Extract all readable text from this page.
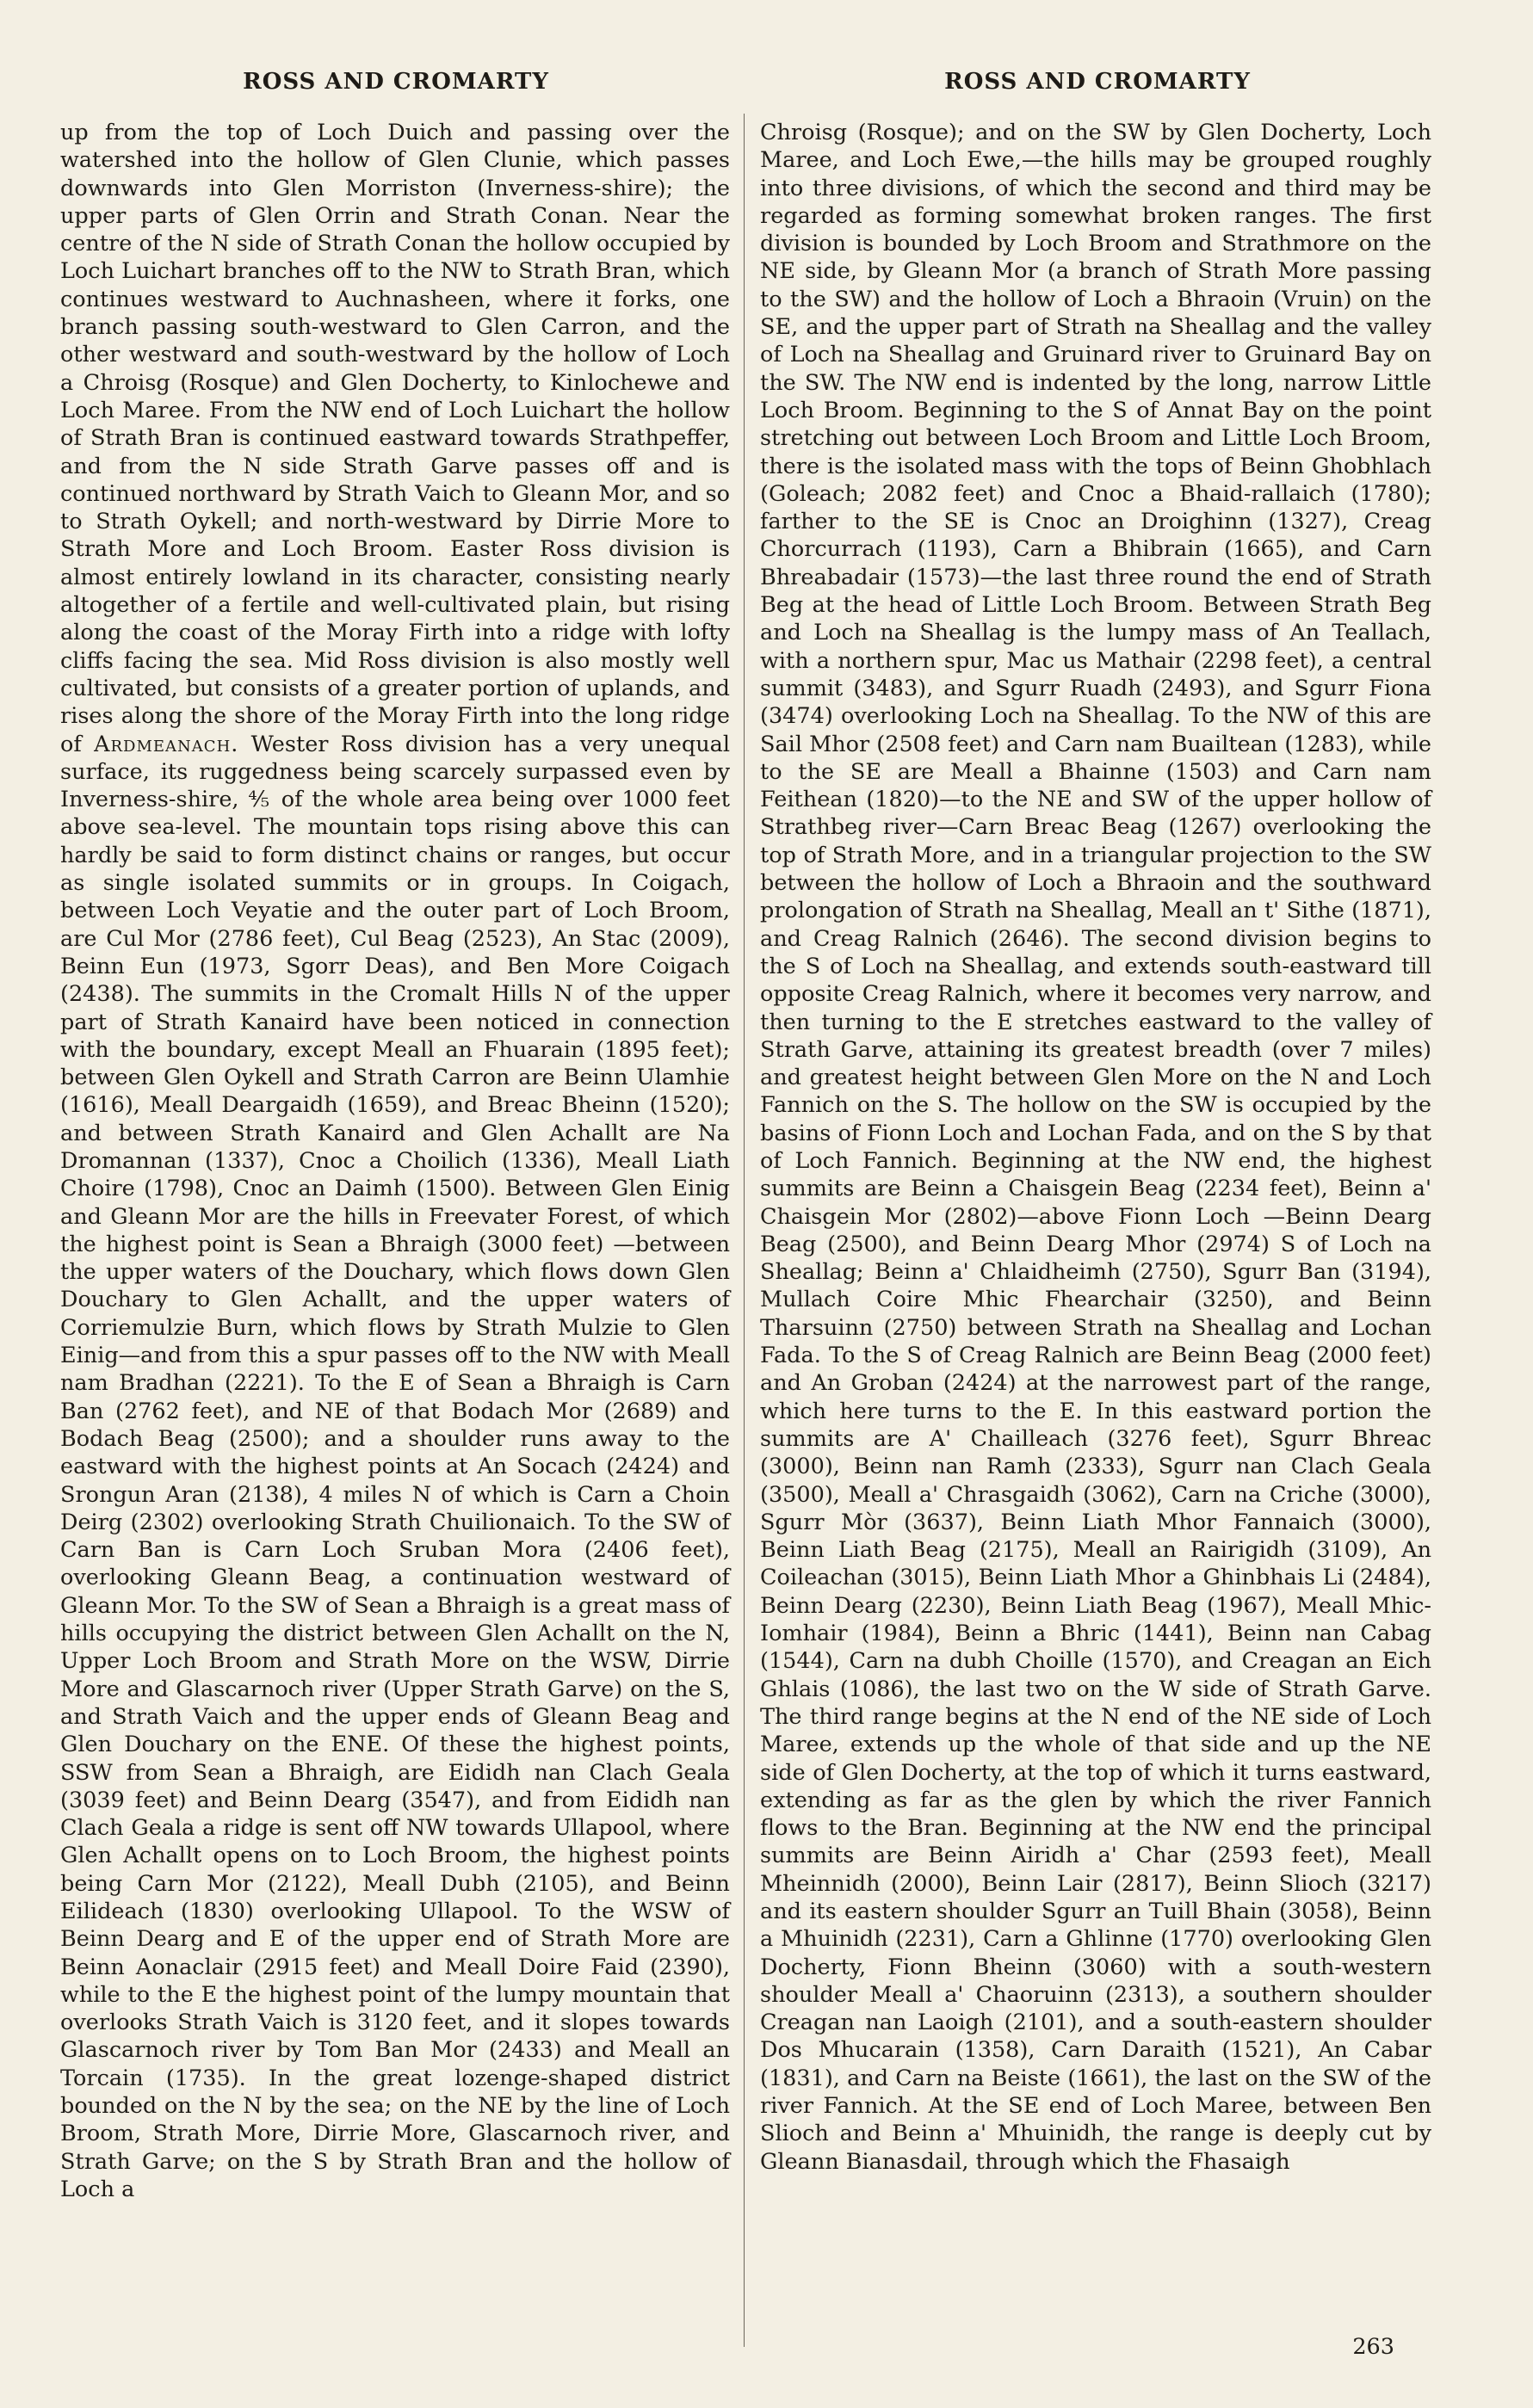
ROSS AND CROMARTY	ROSS AND CROMARTY

up from the top of Loch Duich and passing over the watershed into the hollow of Glen Clunie, which passes downwards into Glen Morriston (Inverness-shire); the upper parts of Glen Orrin and Strath Conan. Near the centre of the N side of Strath Conan the hollow occupied by Loch Luichart branches off to the NW to Strath Bran, which continues westward to Auchnasheen, where it forks, one branch passing south-westward to Glen Carron, and the other westward and south-westward by the hollow of Loch a Chroisg (Rosque) and Glen Docherty, to Kinlochewe and Loch Maree. From the NW end of Loch Luichart the hollow of Strath Bran is continued eastward towards Strathpeffer, and from the N side Strath Garve passes off and is continued northward by Strath Vaich to Gleann Mor, and so to Strath Oykell; and north-westward by Dirrie More to Strath More and Loch Broom. Easter Ross division is almost entirely lowland in its character, consisting nearly altogether of a fertile and well-cultivated plain, but rising along the coast of the Moray Firth into a ridge with lofty cliffs facing the sea. Mid Ross division is also mostly well cultivated, but consists of a greater portion of uplands, and rises along the shore of the Moray Firth into the long ridge of Ardmeanach. Wester Ross division has a very unequal surface, its ruggedness being scarcely surpassed even by Inverness-shire, ⅘ of the whole area being over 1000 feet above sea-level. The mountain tops rising above this can hardly be said to form distinct chains or ranges, but occur as single isolated summits or in groups. In Coigach, between Loch Veyatie and the outer part of Loch Broom, are Cul Mor (2786 feet), Cul Beag (2523), An Stac (2009), Beinn Eun (1973, Sgorr Deas), and Ben More Coigach (2438). The summits in the Cromalt Hills N of the upper part of Strath Kanaird have been noticed in connection with the boundary, except Meall an Fhuarain (1895 feet); between Glen Oykell and Strath Carron are Beinn Ulamhie (1616), Meall Deargaidh (1659), and Breac Bheinn (1520); and between Strath Kanaird and Glen Achallt are Na Dromannan (1337), Cnoc a Choilich (1336), Meall Liath Choire (1798), Cnoc an Daimh (1500). Between Glen Einig and Gleann Mor are the hills in Freevater Forest, of which the highest point is Sean a Bhraigh (3000 feet) —between the upper waters of the Douchary, which flows down Glen Douchary to Glen Achallt, and the upper waters of Corriemulzie Burn, which flows by Strath Mulzie to Glen Einig—and from this a spur passes off to the NW with Meall nam Bradhan (2221). To the E of Sean a Bhraigh is Carn Ban (2762 feet), and NE of that Bodach Mor (2689) and Bodach Beag (2500); and a shoulder runs away to the eastward with the highest points at An Socach (2424) and Srongun Aran (2138), 4 miles N of which is Carn a Choin Deirg (2302) overlooking Strath Chuilionaich. To the SW of Carn Ban is Carn Loch Sruban Mora (2406 feet), overlooking Gleann Beag, a continuation westward of Gleann Mor. To the SW of Sean a Bhraigh is a great mass of hills occupying the district between Glen Achallt on the N, Upper Loch Broom and Strath More on the WSW, Dirrie More and Glascarnoch river (Upper Strath Garve) on the S, and Strath Vaich and the upper ends of Gleann Beag and Glen Douchary on the ENE. Of these the highest points, SSW from Sean a Bhraigh, are Eididh nan Clach Geala (3039 feet) and Beinn Dearg (3547), and from Eididh nan Clach Geala a ridge is sent off NW towards Ullapool, where Glen Achallt opens on to Loch Broom, the highest points being Carn Mor (2122), Meall Dubh (2105), and Beinn Eilideach (1830) overlooking Ullapool. To the WSW of Beinn Dearg and E of the upper end of Strath More are Beinn Aonaclair (2915 feet) and Meall Doire Faid (2390), while to the E the highest point of the lumpy mountain that overlooks Strath Vaich is 3120 feet, and it slopes towards Glascarnoch river by Tom Ban Mor (2433) and Meall an Torcain (1735). In the great lozenge-shaped district bounded on the N by the sea; on the NE by the line of Loch Broom, Strath More, Dirrie More, Glascarnoch river, and Strath Garve; on the S by Strath Bran and the hollow of Loch a

Chroisg (Rosque); and on the SW by Glen Docherty, Loch Maree, and Loch Ewe,—the hills may be grouped roughly into three divisions, of which the second and third may be regarded as forming somewhat broken ranges. The first division is bounded by Loch Broom and Strathmore on the NE side, by Gleann Mor (a branch of Strath More passing to the SW) and the hollow of Loch a Bhraoin (Vruin) on the SE, and the upper part of Strath na Sheallag and the valley of Loch na Sheallag and Gruinard river to Gruinard Bay on the SW. The NW end is indented by the long, narrow Little Loch Broom. Beginning to the S of Annat Bay on the point stretching out between Loch Broom and Little Loch Broom, there is the isolated mass with the tops of Beinn Ghobhlach (Goleach; 2082 feet) and Cnoc a Bhaid-rallaich (1780); farther to the SE is Cnoc an Droighinn (1327), Creag Chorcurrach (1193), Carn a Bhibrain (1665), and Carn Bhreabadair (1573)—the last three round the end of Strath Beg at the head of Little Loch Broom. Between Strath Beg and Loch na Sheallag is the lumpy mass of An Teallach, with a northern spur, Mac us Mathair (2298 feet), a central summit (3483), and Sgurr Ruadh (2493), and Sgurr Fiona (3474) overlooking Loch na Sheallag. To the NW of this are Sail Mhor (2508 feet) and Carn nam Buailtean (1283), while to the SE are Meall a Bhainne (1503) and Carn nam Feithean (1820)—to the NE and SW of the upper hollow of Strathbeg river—Carn Breac Beag (1267) overlooking the top of Strath More, and in a triangular projection to the SW between the hollow of Loch a Bhraoin and the southward prolongation of Strath na Sheallag, Meall an t' Sithe (1871), and Creag Ralnich (2646). The second division begins to the S of Loch na Sheallag, and extends south-eastward till opposite Creag Ralnich, where it becomes very narrow, and then turning to the E stretches eastward to the valley of Strath Garve, attaining its greatest breadth (over 7 miles) and greatest height between Glen More on the N and Loch Fannich on the S. The hollow on the SW is occupied by the basins of Fionn Loch and Lochan Fada, and on the S by that of Loch Fannich. Beginning at the NW end, the highest summits are Beinn a Chaisgein Beag (2234 feet), Beinn a' Chaisgein Mor (2802)—above Fionn Loch —Beinn Dearg Beag (2500), and Beinn Dearg Mhor (2974) S of Loch na Sheallag; Beinn a' Chlaidheimh (2750), Sgurr Ban (3194), Mullach Coire Mhic Fhearchair (3250), and Beinn Tharsuinn (2750) between Strath na Sheallag and Lochan Fada. To the S of Creag Ralnich are Beinn Beag (2000 feet) and An Groban (2424) at the narrowest part of the range, which here turns to the E. In this eastward portion the summits are A' Chailleach (3276 feet), Sgurr Bhreac (3000), Beinn nan Ramh (2333), Sgurr nan Clach Geala (3500), Meall a' Chrasgaidh (3062), Carn na Criche (3000), Sgurr Mòr (3637), Beinn Liath Mhor Fannaich (3000), Beinn Liath Beag (2175), Meall an Rairigidh (3109), An Coileachan (3015), Beinn Liath Mhor a Ghinbhais Li (2484), Beinn Dearg (2230), Beinn Liath Beag (1967), Meall Mhic-Iomhair (1984), Beinn a Bhric (1441), Beinn nan Cabag (1544), Carn na dubh Choille (1570), and Creagan an Eich Ghlais (1086), the last two on the W side of Strath Garve. The third range begins at the N end of the NE side of Loch Maree, extends up the whole of that side and up the NE side of Glen Docherty, at the top of which it turns eastward, extending as far as the glen by which the river Fannich flows to the Bran. Beginning at the NW end the principal summits are Beinn Airidh a' Char (2593 feet), Meall Mheinnidh (2000), Beinn Lair (2817), Beinn Slioch (3217) and its eastern shoulder Sgurr an Tuill Bhain (3058), Beinn a Mhuinidh (2231), Carn a Ghlinne (1770) overlooking Glen Docherty, Fionn Bheinn (3060) with a south-western shoulder Meall a' Chaoruinn (2313), a southern shoulder Creagan nan Laoigh (2101), and a south-eastern shoulder Dos Mhucarain (1358), Carn Daraith (1521), An Cabar (1831), and Carn na Beiste (1661), the last on the SW of the river Fannich. At the SE end of Loch Maree, between Ben Slioch and Beinn a' Mhuinidh, the range is deeply cut by Gleann Bianasdail, through which the Fhasaigh

263
